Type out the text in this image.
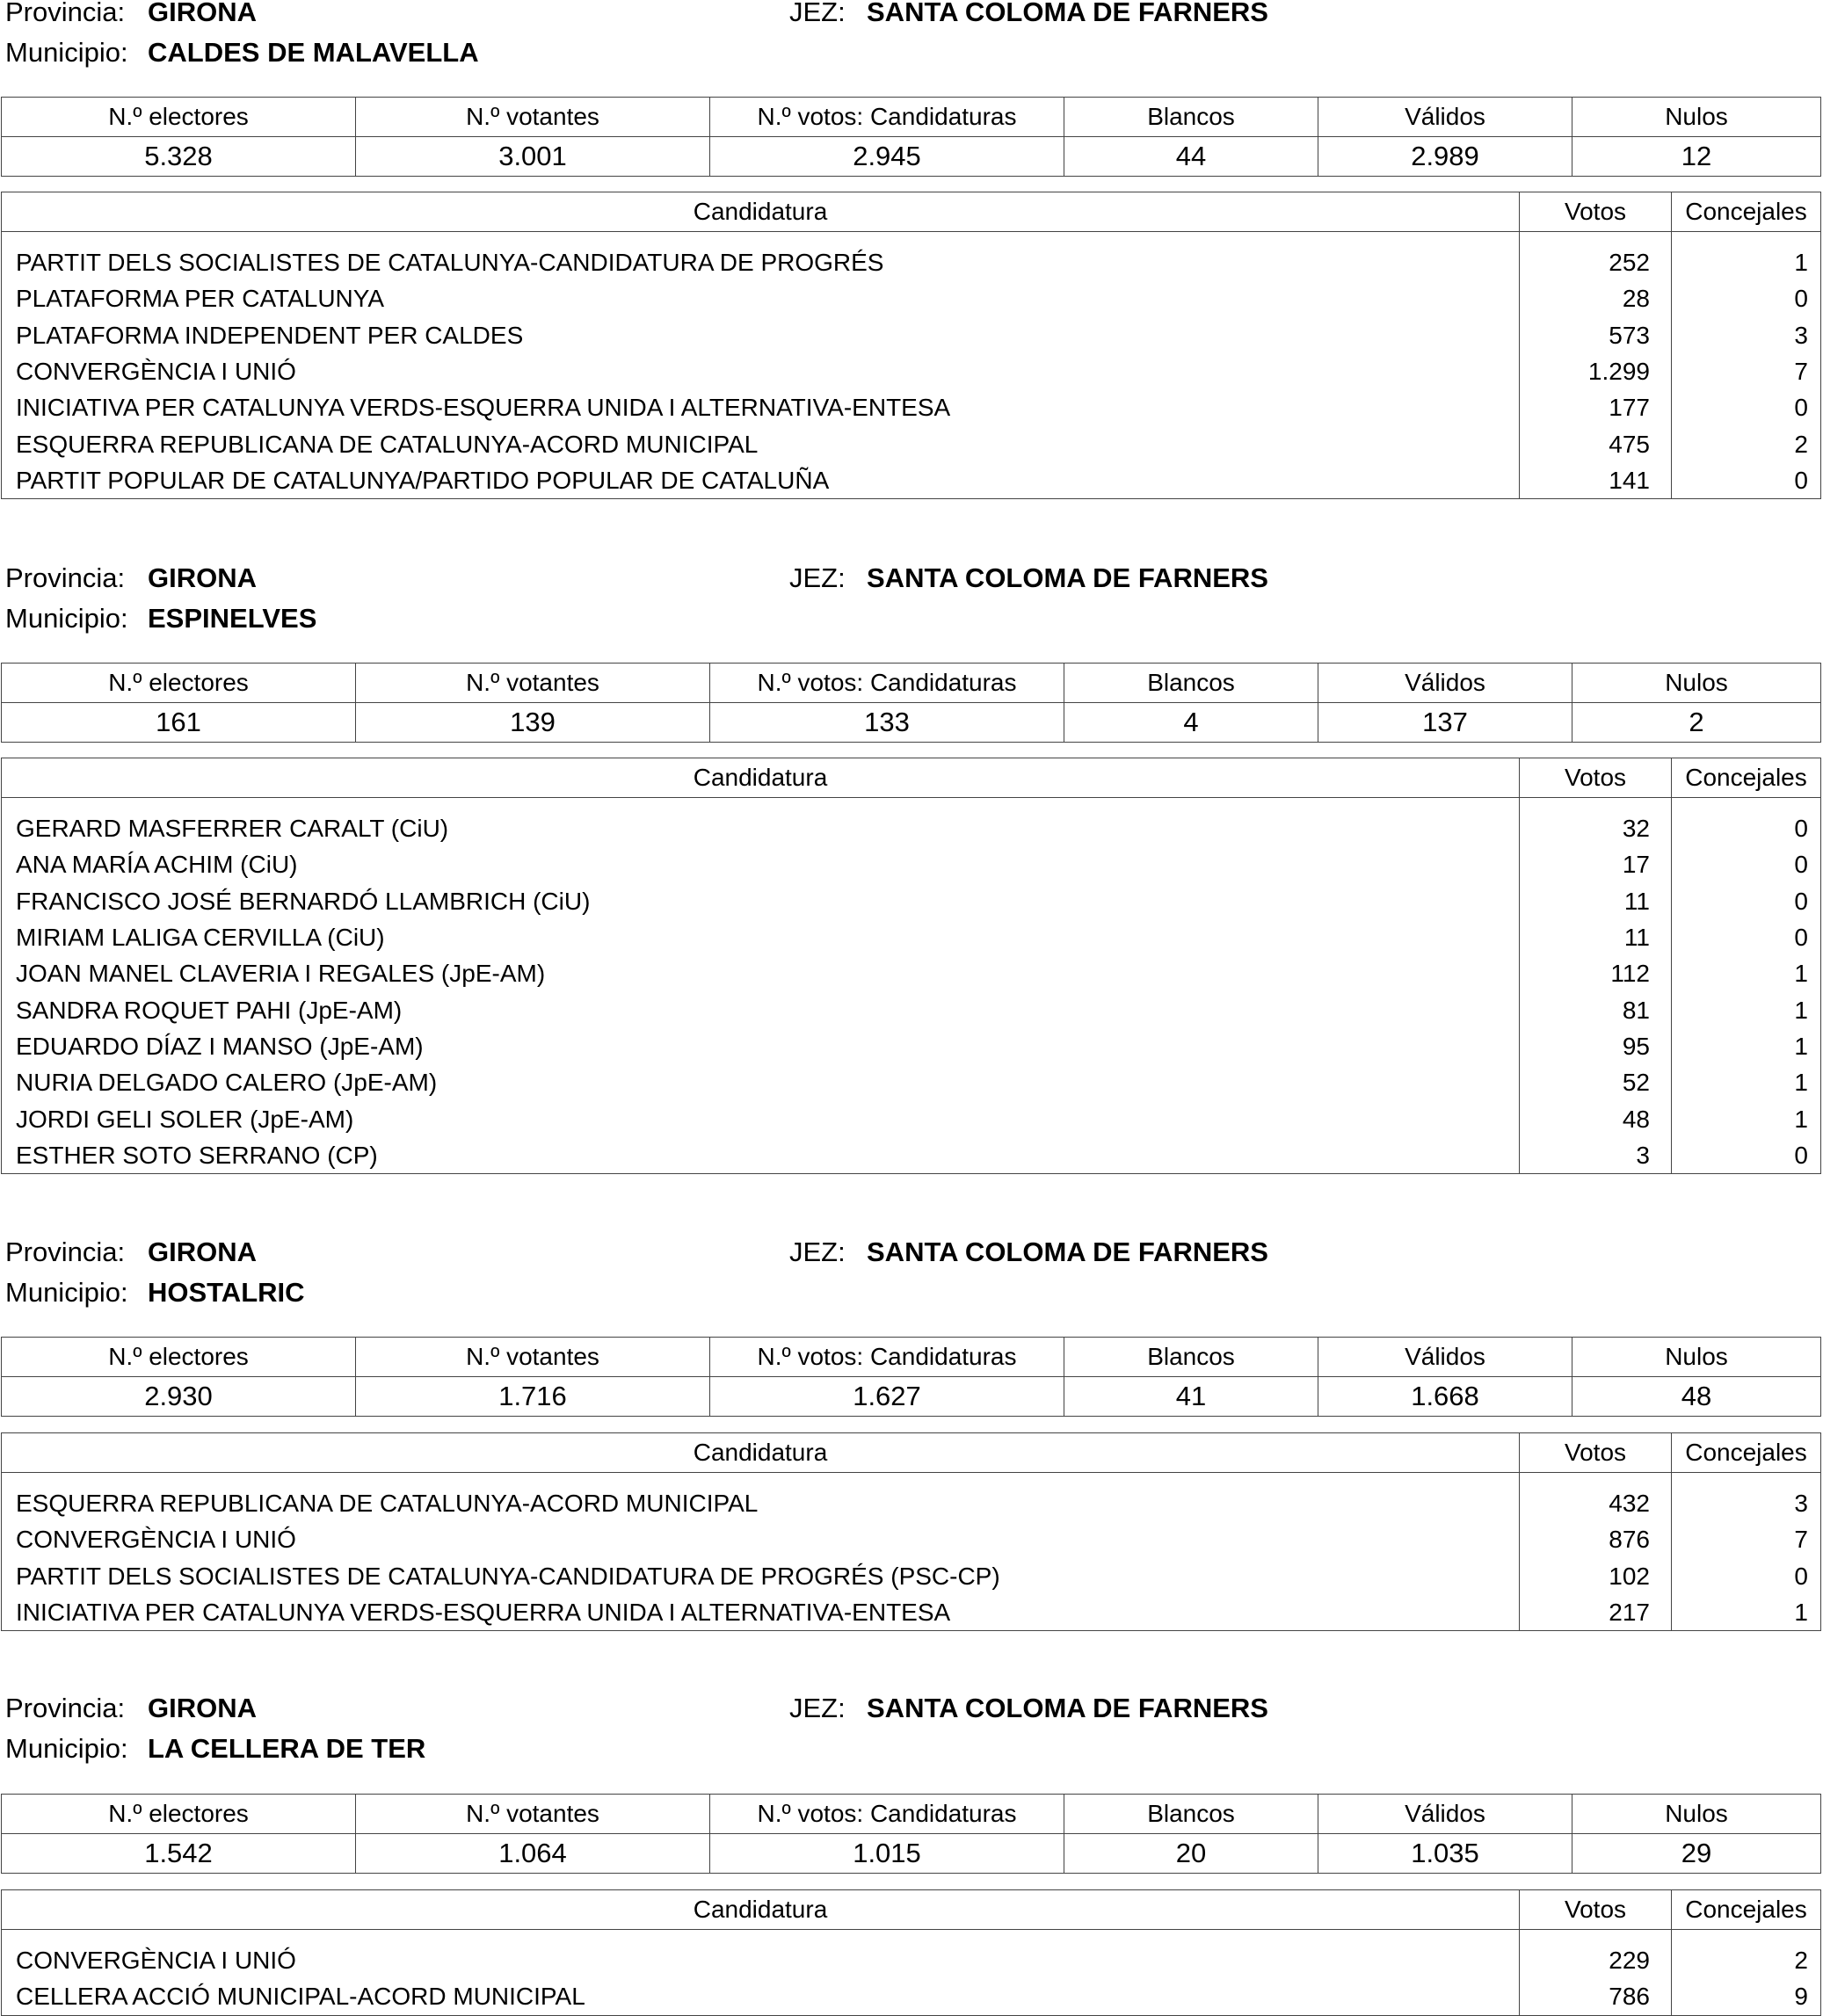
Provincia: GIRONA	JEZ: SANTA COLOMA DE FARNERS
Municipio: CALDES DE MALAVELLA
N.º electores	N.º votantes	N.º votos: Candidaturas	Blancos	Válidos	Nulos
5.328	3.001	2.945	44	2.989	12
Candidatura	Votos	Concejales

PARTIT DELS SOCIALISTES DE CATALUNYA-CANDIDATURA DE PROGRÉS	252	1
PLATAFORMA PER CATALUNYA	28	0
PLATAFORMA INDEPENDENT PER CALDES	573	3
CONVERGÈNCIA I UNIÓ	1.299	7
INICIATIVA PER CATALUNYA VERDS-ESQUERRA UNIDA I ALTERNATIVA-ENTESA	177	0
ESQUERRA REPUBLICANA DE CATALUNYA-ACORD MUNICIPAL	475	2
PARTIT POPULAR DE CATALUNYA/PARTIDO POPULAR DE CATALUÑA	141	0
Provincia: GIRONA	JEZ: SANTA COLOMA DE FARNERS
Municipio: ESPINELVES
N.º electores	N.º votantes	N.º votos: Candidaturas	Blancos	Válidos	Nulos
161	139	133	4	137	2
Candidatura	Votos	Concejales

GERARD MASFERRER CARALT (CiU)	32	0
ANA MARÍA ACHIM (CiU)	17	0
FRANCISCO JOSÉ BERNARDÓ LLAMBRICH (CiU)	11	0
MIRIAM LALIGA CERVILLA (CiU)	11	0
JOAN MANEL CLAVERIA I REGALES (JpE-AM)	112	1
SANDRA ROQUET PAHI (JpE-AM)	81	1
EDUARDO DÍAZ I MANSO (JpE-AM)	95	1
NURIA DELGADO CALERO (JpE-AM)	52	1
JORDI GELI SOLER (JpE-AM)	48	1
ESTHER SOTO SERRANO (CP)	3	0
Provincia: GIRONA	JEZ: SANTA COLOMA DE FARNERS
Municipio: HOSTALRIC
N.º electores	N.º votantes	N.º votos: Candidaturas	Blancos	Válidos	Nulos
2.930	1.716	1.627	41	1.668	48
Candidatura	Votos	Concejales

ESQUERRA REPUBLICANA DE CATALUNYA-ACORD MUNICIPAL	432	3
CONVERGÈNCIA I UNIÓ	876	7
PARTIT DELS SOCIALISTES DE CATALUNYA-CANDIDATURA DE PROGRÉS (PSC-CP)	102	0
INICIATIVA PER CATALUNYA VERDS-ESQUERRA UNIDA I ALTERNATIVA-ENTESA	217	1
Provincia: GIRONA	JEZ: SANTA COLOMA DE FARNERS
Municipio: LA CELLERA DE TER
N.º electores	N.º votantes	N.º votos: Candidaturas	Blancos	Válidos	Nulos
1.542	1.064	1.015	20	1.035	29
Candidatura	Votos	Concejales

CONVERGÈNCIA I UNIÓ	229	2
CELLERA ACCIÓ MUNICIPAL-ACORD MUNICIPAL	786	9
